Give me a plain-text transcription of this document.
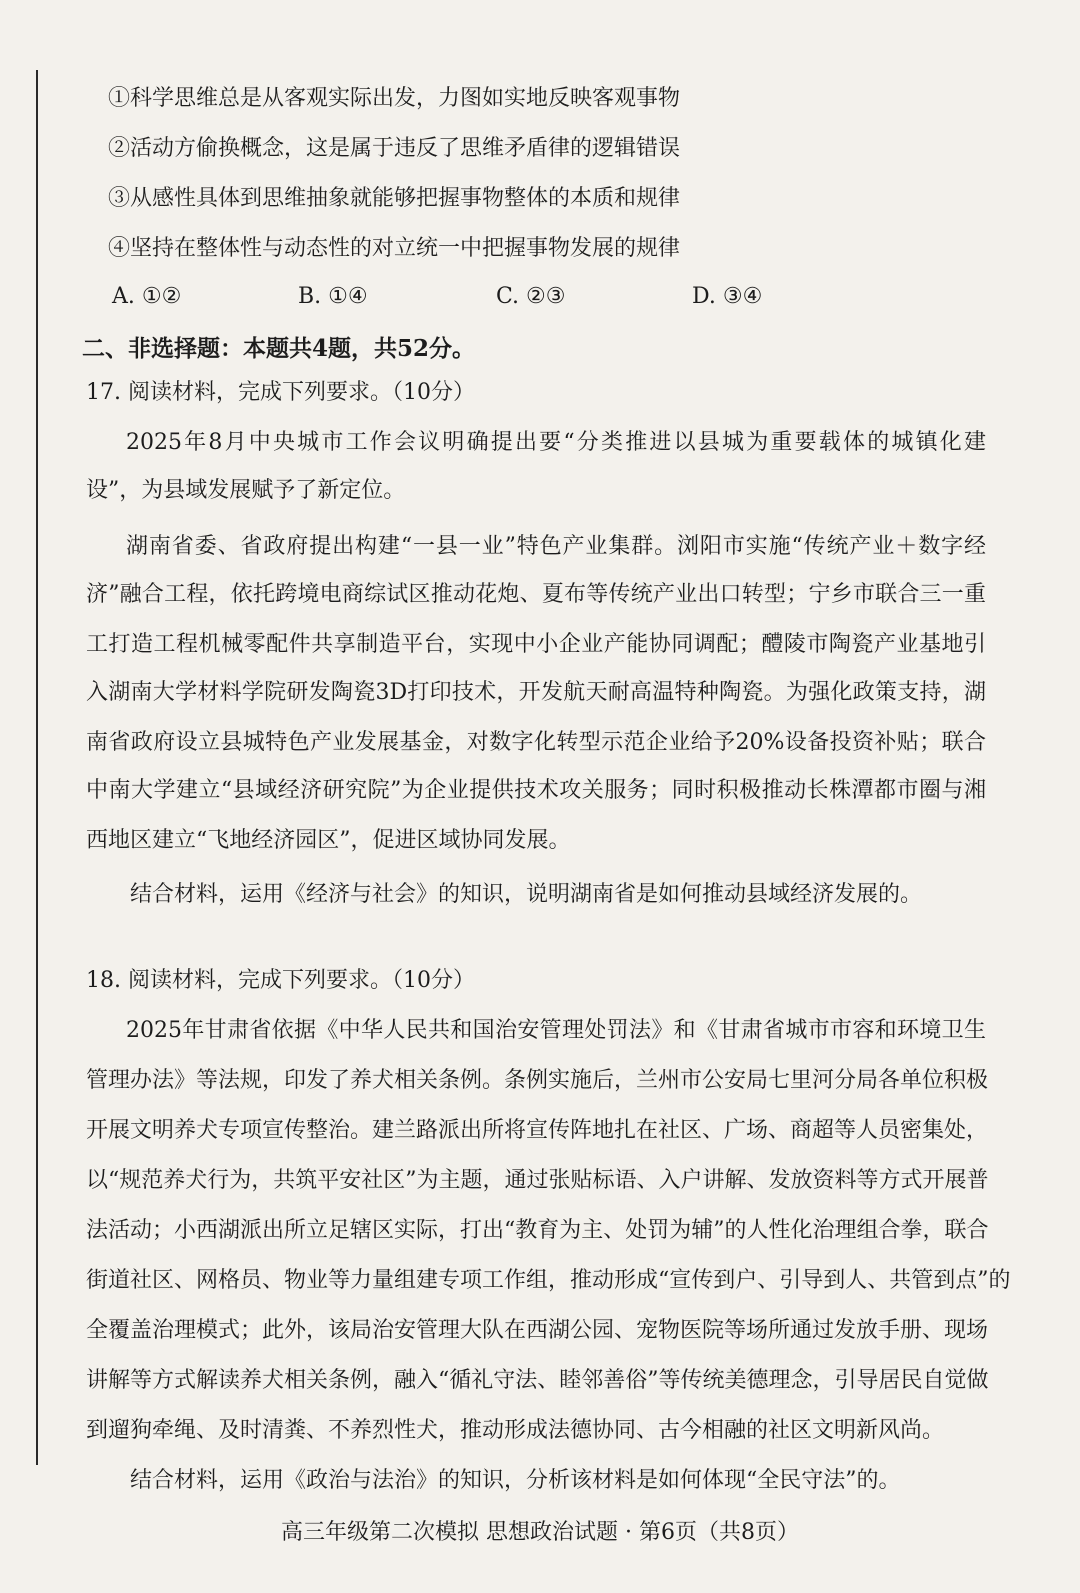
①科学思维总是从客观实际出发，力图如实地反映客观事物
②活动方偷换概念，这是属于违反了思维矛盾律的逻辑错误
③从感性具体到思维抽象就能够把握事物整体的本质和规律
④坚持在整体性与动态性的对立统一中把握事物发展的规律
A. ①②	B. ①④	C. ②③	D. ③④
二、非选择题：本题共4题，共52分。
17. 阅读材料，完成下列要求。（10分）
2025年8月中央城市工作会议明确提出要“分类推进以县城为重要载体的城镇化建
设”，为县域发展赋予了新定位。
湖南省委、省政府提出构建“一县一业”特色产业集群。浏阳市实施“传统产业＋数字经
济”融合工程，依托跨境电商综试区推动花炮、夏布等传统产业出口转型；宁乡市联合三一重
工打造工程机械零配件共享制造平台，实现中小企业产能协同调配；醴陵市陶瓷产业基地引
入湖南大学材料学院研发陶瓷3D打印技术，开发航天耐高温特种陶瓷。为强化政策支持，湖
南省政府设立县城特色产业发展基金，对数字化转型示范企业给予20%设备投资补贴；联合
中南大学建立“县域经济研究院”为企业提供技术攻关服务；同时积极推动长株潭都市圈与湘
西地区建立“飞地经济园区”，促进区域协同发展。
结合材料，运用《经济与社会》的知识，说明湖南省是如何推动县域经济发展的。
18. 阅读材料，完成下列要求。（10分）
2025年甘肃省依据《中华人民共和国治安管理处罚法》和《甘肃省城市市容和环境卫生
管理办法》等法规，印发了养犬相关条例。条例实施后，兰州市公安局七里河分局各单位积极
开展文明养犬专项宣传整治。建兰路派出所将宣传阵地扎在社区、广场、商超等人员密集处，
以“规范养犬行为，共筑平安社区”为主题，通过张贴标语、入户讲解、发放资料等方式开展普
法活动；小西湖派出所立足辖区实际，打出“教育为主、处罚为辅”的人性化治理组合拳，联合
街道社区、网格员、物业等力量组建专项工作组，推动形成“宣传到户、引导到人、共管到点”的
全覆盖治理模式；此外，该局治安管理大队在西湖公园、宠物医院等场所通过发放手册、现场
讲解等方式解读养犬相关条例，融入“循礼守法、睦邻善俗”等传统美德理念，引导居民自觉做
到遛狗牵绳、及时清粪、不养烈性犬，推动形成法德协同、古今相融的社区文明新风尚。
结合材料，运用《政治与法治》的知识，分析该材料是如何体现“全民守法”的。
高三年级第二次模拟 思想政治试题 · 第6页（共8页）
